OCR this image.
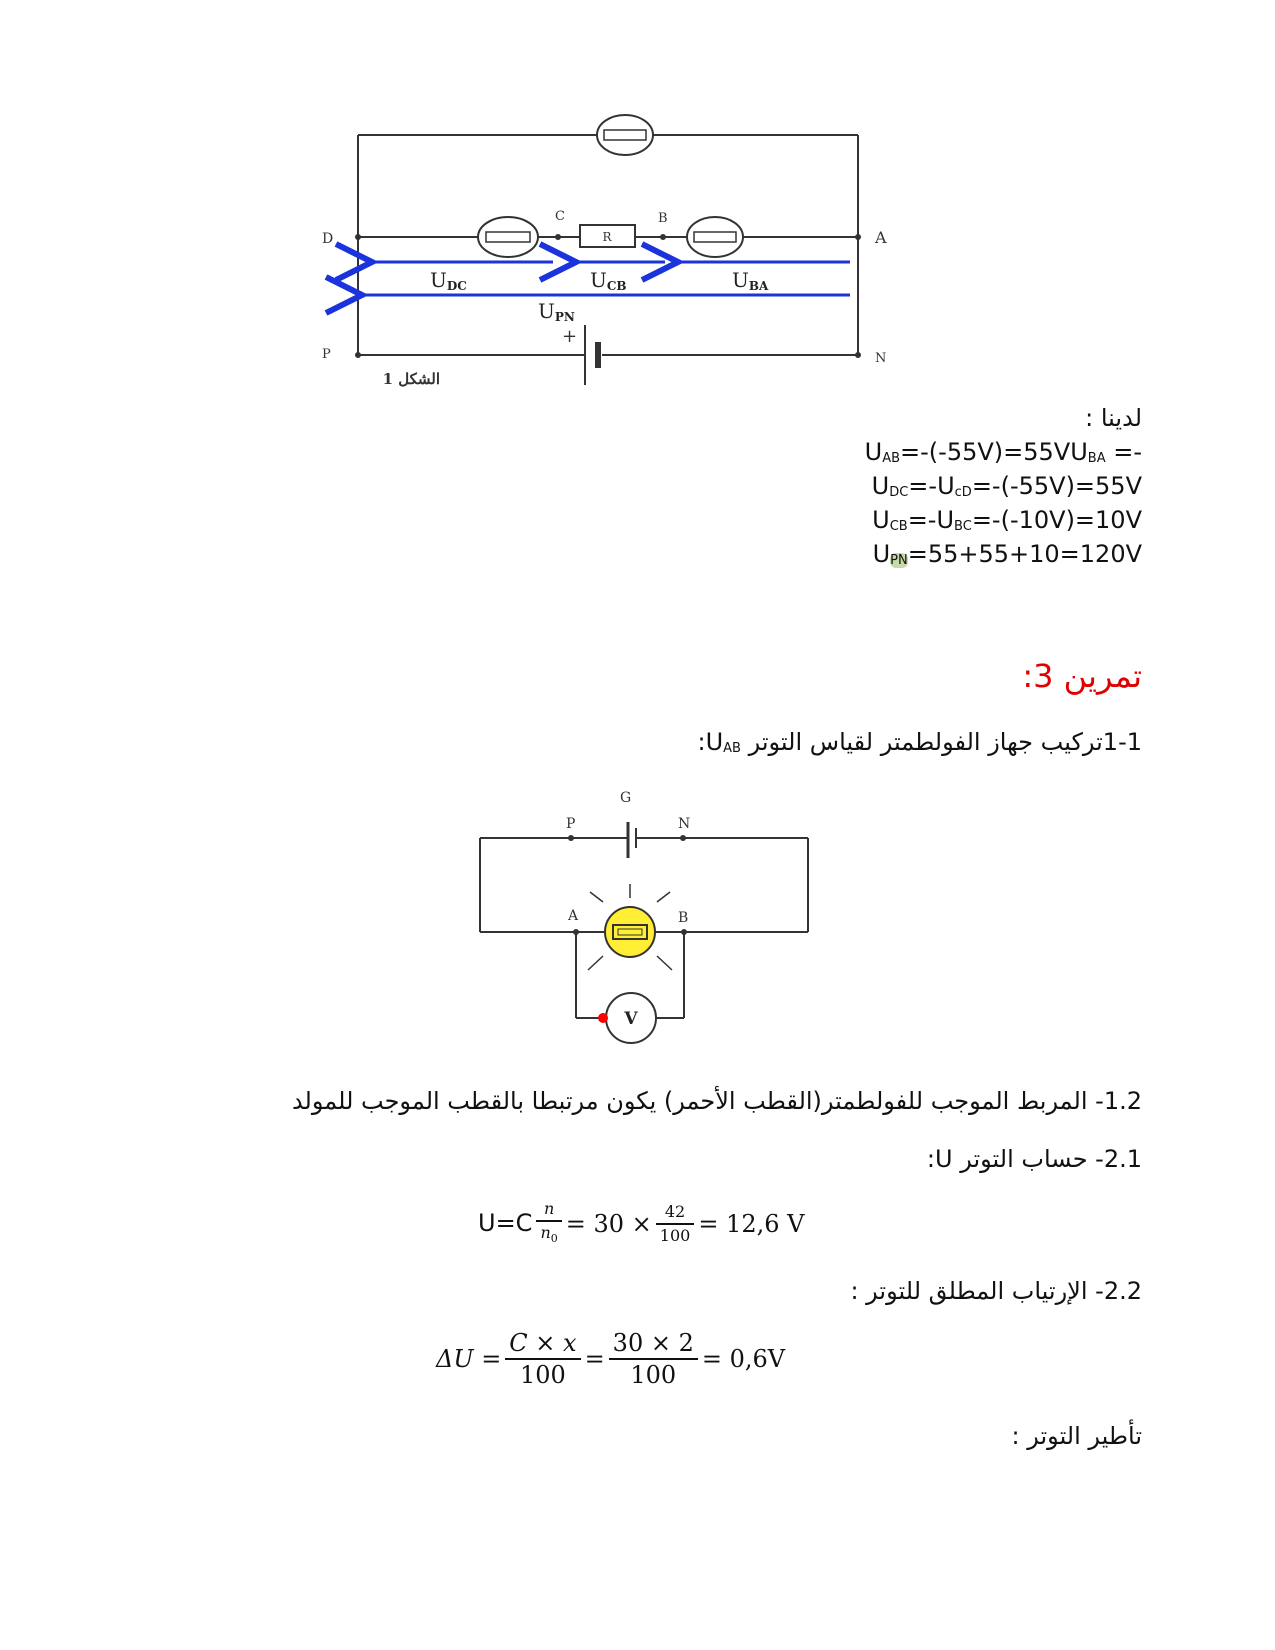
R
D	A
C	B
P	N
+
الشكل 1
UDC	UCB	UBA
UPN
لدينا :
$U_{AB}=-(-55V)=55VU_{BA}$ =-
$U_{DC}=-U_{cD}=-(-55V)=55V$
$U_{CB}=-U_{BC}=-(-10V)=10V$
$U_{PN}=55+55+10=120V$
تمرين 3:
1-1تركيب جهاز الفولطمتر لقياس التوتر $U_{AB}$:
G
P	N
A	B
V
1.2- المربط الموجب للفولطمتر(القطب الأحمر) يكون مرتبطا بالقطب الموجب للمولد
2.1- حساب التوتر U:
$U=C \frac{n}{n_0} = 30 \times \frac{42}{100} = 12,6$ V
2.2- الإرتياب المطلق للتوتر :
$\Delta U = \frac{C \times x}{100} = \frac{30 \times 2}{100} = 0,6V$
تأطير التوتر :
